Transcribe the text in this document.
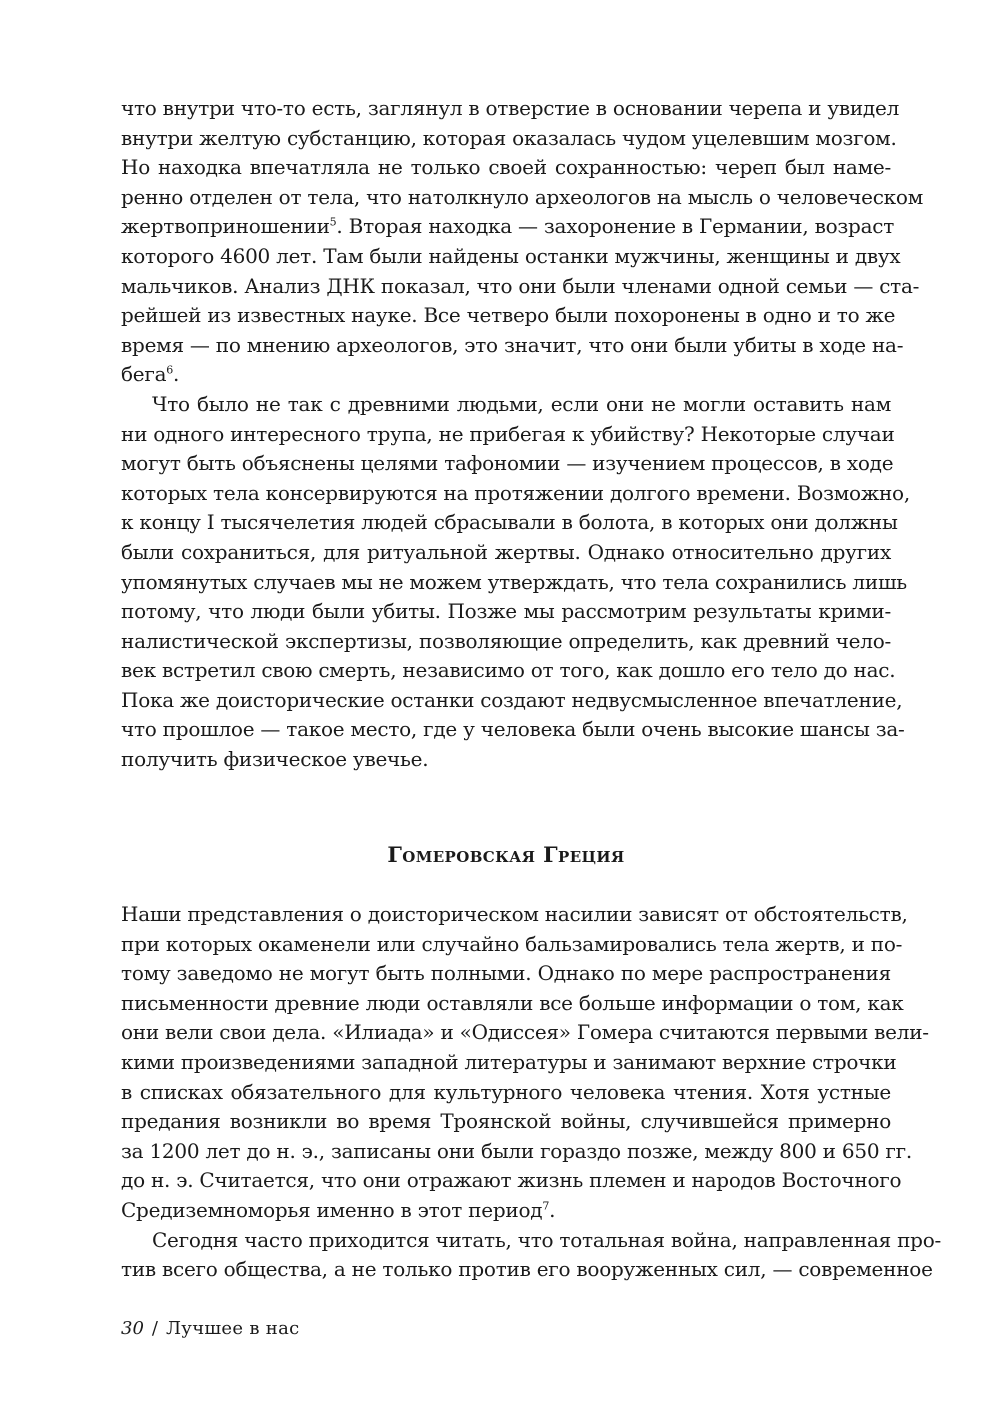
что внутри что-то есть, заглянул в отверстие в основании черепа и увидел
внутри желтую субстанцию, которая оказалась чудом уцелевшим мозгом.
Но находка впечатляла не только своей сохранностью: череп был наме-
ренно отделен от тела, что натолкнуло археологов на мысль о человеческом
жертвоприношении$^5$. Вторая находка — захоронение в Германии, возраст
которого 4600 лет. Там были найдены останки мужчины, женщины и двух
мальчиков. Анализ ДНК показал, что они были членами одной семьи — ста-
рейшей из известных науке. Все четверо были похоронены в одно и то же
время — по мнению археологов, это значит, что они были убиты в ходе на-
бега$^6$.
Что было не так с древними людьми, если они не могли оставить нам
ни одного интересного трупа, не прибегая к убийству? Некоторые случаи
могут быть объяснены целями тафономии — изучением процессов, в ходе
которых тела консервируются на протяжении долгого времени. Возможно,
к концу I тысячелетия людей сбрасывали в болота, в которых они должны
были сохраниться, для ритуальной жертвы. Однако относительно других
упомянутых случаев мы не можем утверждать, что тела сохранились лишь
потому, что люди были убиты. Позже мы рассмотрим результаты крими-
налистической экспертизы, позволяющие определить, как древний чело-
век встретил свою смерть, независимо от того, как дошло его тело до нас.
Пока же доисторические останки создают недвусмысленное впечатление,
что прошлое — такое место, где у человека были очень высокие шансы за-
получить физическое увечье.
Гомеровская Греция
Наши представления о доисторическом насилии зависят от обстоятельств,
при которых окаменели или случайно бальзамировались тела жертв, и по-
тому заведомо не могут быть полными. Однако по мере распространения
письменности древние люди оставляли все больше информации о том, как
они вели свои дела. «Илиада» и «Одиссея» Гомера считаются первыми вели-
кими произведениями западной литературы и занимают верхние строчки
в списках обязательного для культурного человека чтения. Хотя устные
предания возникли во время Троянской войны, случившейся примерно
за 1200 лет до н. э., записаны они были гораздо позже, между 800 и 650 гг.
до н. э. Считается, что они отражают жизнь племен и народов Восточного
Средиземноморья именно в этот период$^7$.
Сегодня часто приходится читать, что тотальная война, направленная про-
тив всего общества, а не только против его вооруженных сил, — современное
30 / Лучшее в нас
